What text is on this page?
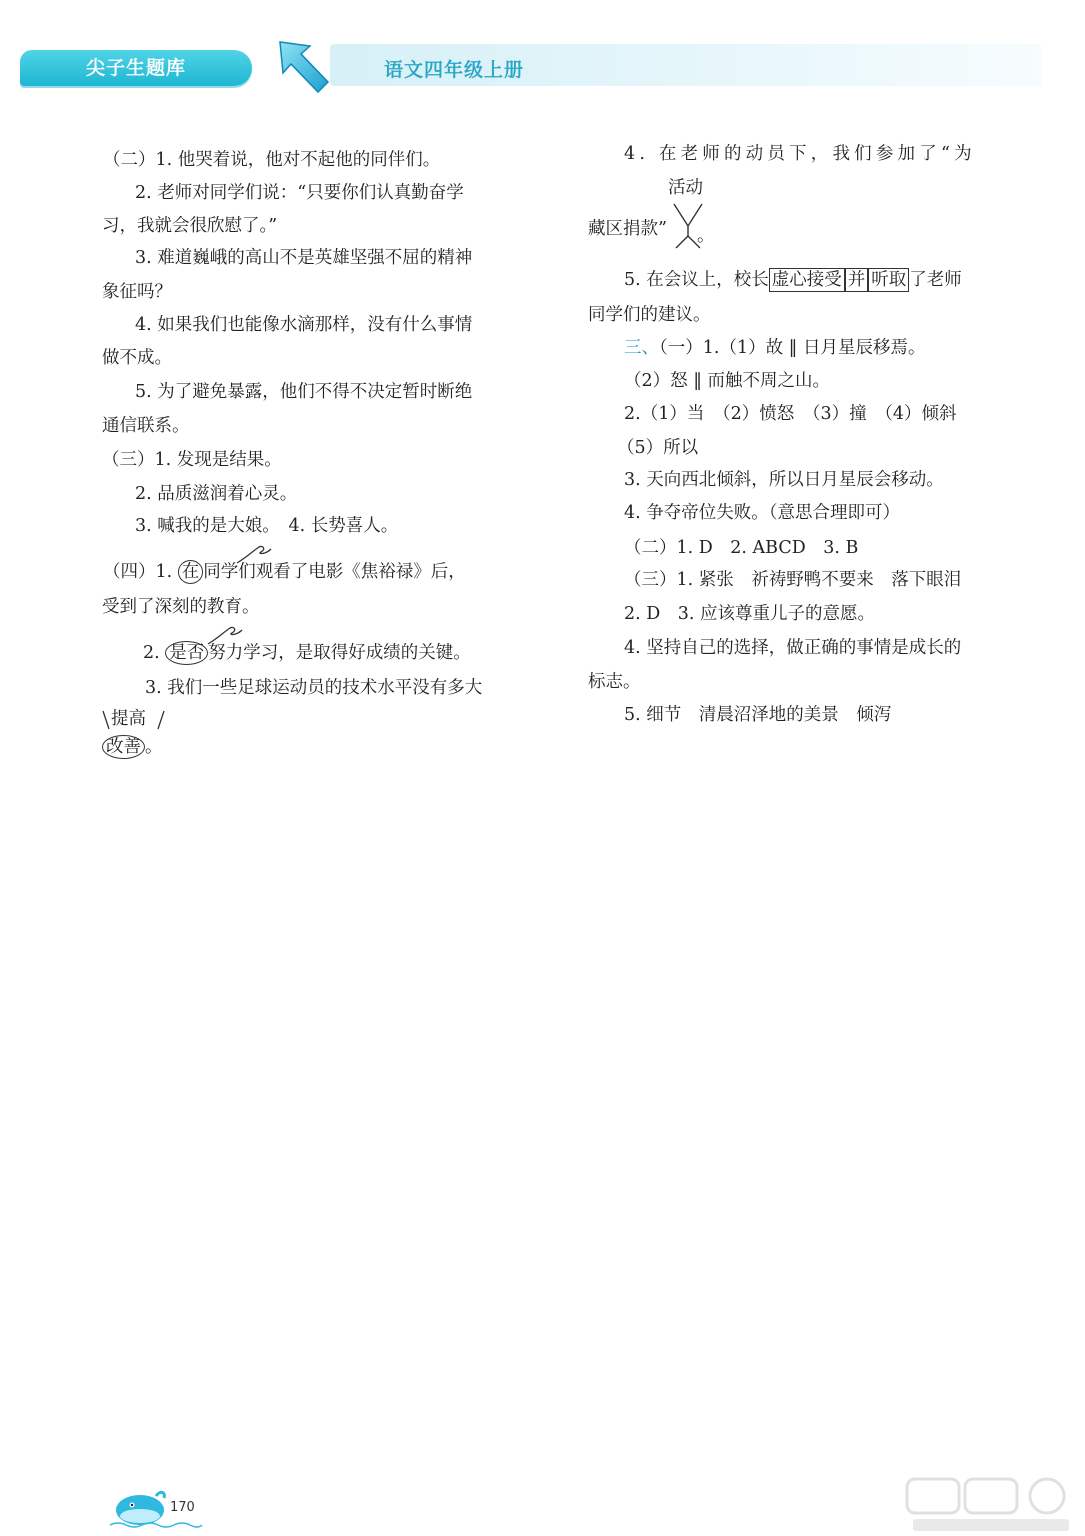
尖子生题库	语文四年级上册
（二）1. 他哭着说，他对不起他的同伴们。
2. 老师对同学们说：“只要你们认真勤奋学
习，我就会很欣慰了。”
3. 难道巍峨的高山不是英雄坚强不屈的精神
象征吗？
4. 如果我们也能像水滴那样，没有什么事情
做不成。
5. 为了避免暴露，他们不得不决定暂时断绝
通信联系。
（三）1. 发现是结果。
2. 品质滋润着心灵。
3. 喊我的是大娘。　4. 长势喜人。
（四）1. 在 同学们观看了电影《焦裕禄》后，
受到了深刻的教育。
2. 是否 努力学习，是取得好成绩的关键。
3. 我们一些足球运动员的技术水平没有多大
提高
改善 。
4. 在老师的动员下，我们参加了“为
活动
藏区捐款” 。
5. 在会议上，校长 虚心接受 并 听取 了老师
同学们的建议。
三、（一）1.（1）故 ‖ 日月星辰移焉。
（2）怒 ‖ 而触不周之山。
2.（1）当　（2）愤怒　（3）撞　（4）倾斜
（5）所以
3. 天向西北倾斜，所以日月星辰会移动。
4. 争夺帝位失败。（意思合理即可）
（二）1. D　2. ABCD　3. B
（三）1. 紧张　祈祷野鸭不要来　落下眼泪
2. D　3. 应该尊重儿子的意愿。
4. 坚持自己的选择，做正确的事情是成长的
标志。
5. 细节　清晨沼泽地的美景　倾泻
170
